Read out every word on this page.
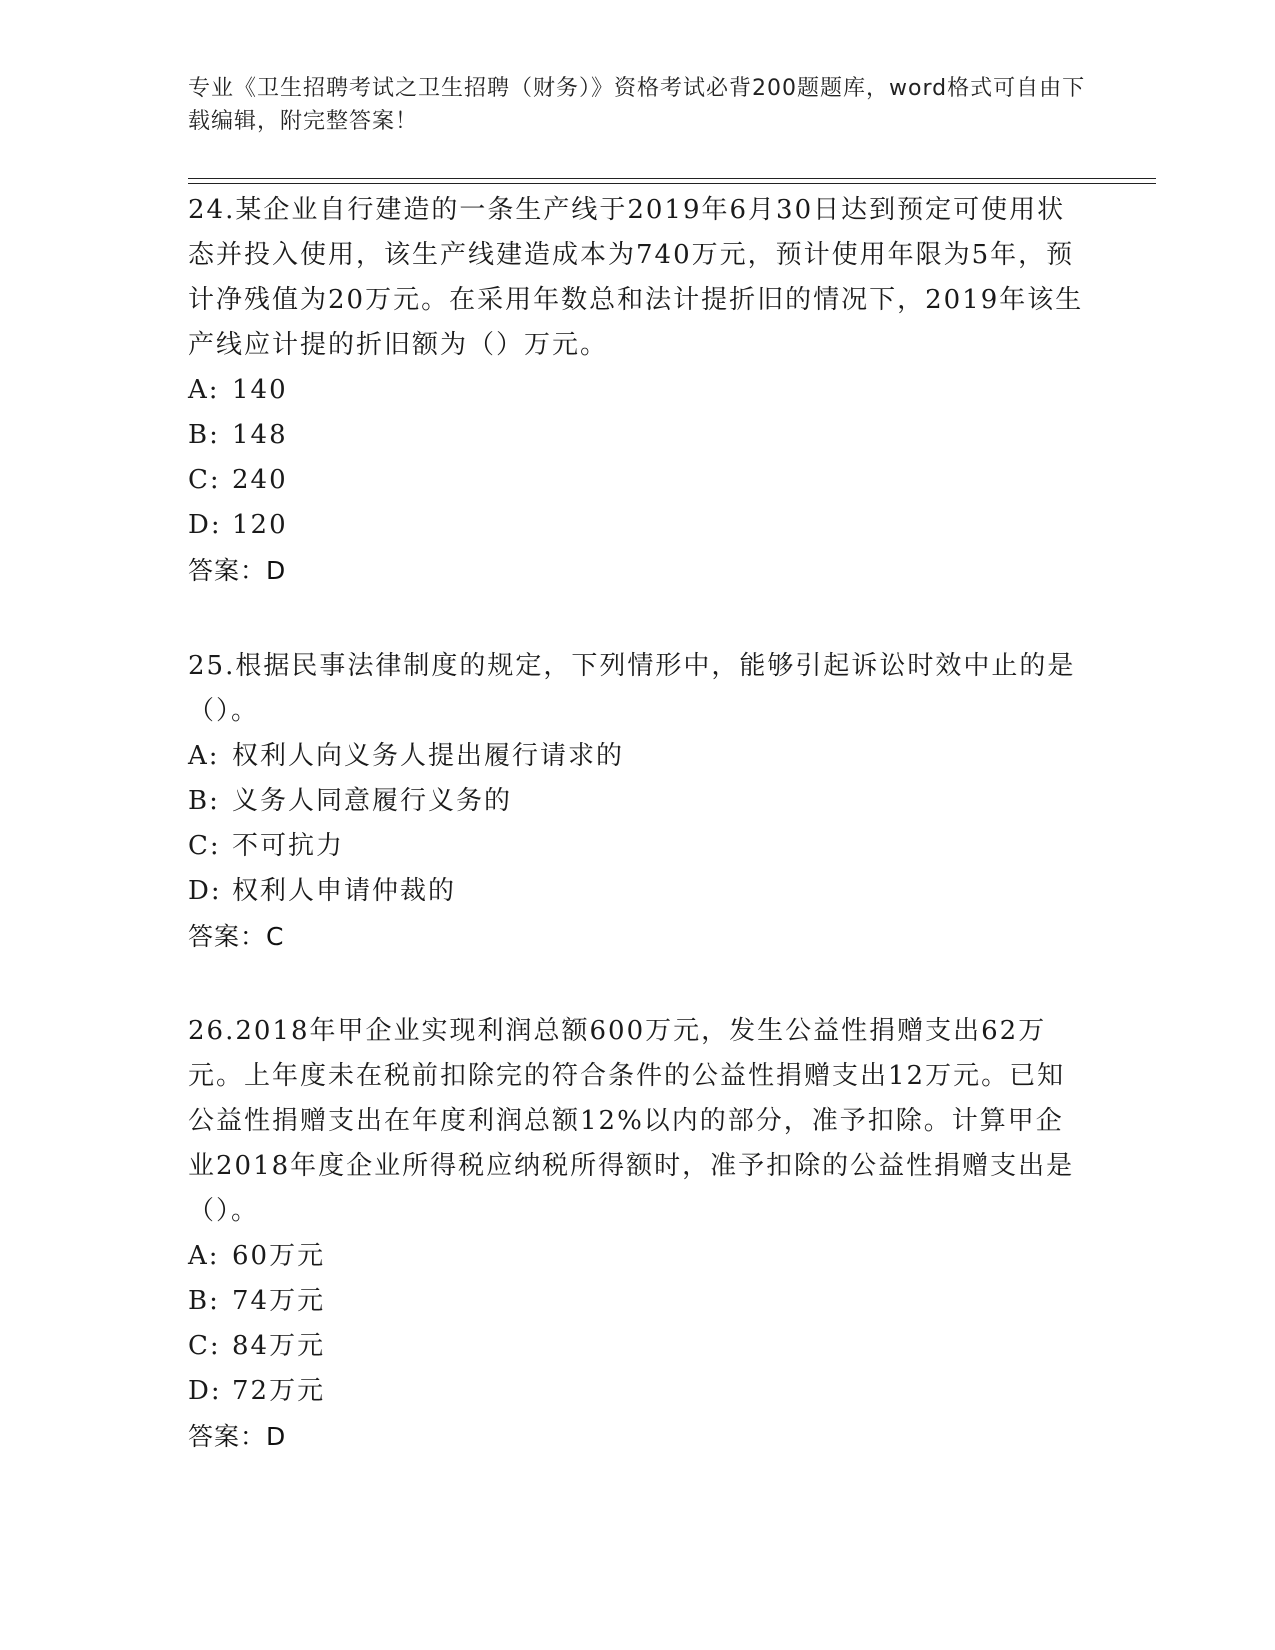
专业《卫生招聘考试之卫生招聘（财务）》资格考试必背200题题库，word格式可自由下载编辑，附完整答案！

24.某企业自行建造的一条生产线于2019年6月30日达到预定可使用状态并投入使用，该生产线建造成本为740万元，预计使用年限为5年，预计净残值为20万元。在采用年数总和法计提折旧的情况下，2019年该生产线应计提的折旧额为（）万元。

A: 140

B: 148

C: 240

D: 120

答案：D

25.根据民事法律制度的规定，下列情形中，能够引起诉讼时效中止的是（）。

A: 权利人向义务人提出履行请求的

B: 义务人同意履行义务的

C: 不可抗力

D: 权利人申请仲裁的

答案：C

26.2018年甲企业实现利润总额600万元，发生公益性捐赠支出62万元。上年度未在税前扣除完的符合条件的公益性捐赠支出12万元。已知公益性捐赠支出在年度利润总额12%以内的部分，准予扣除。计算甲企业2018年度企业所得税应纳税所得额时，准予扣除的公益性捐赠支出是（）。

A: 60万元

B: 74万元

C: 84万元

D: 72万元

答案：D
